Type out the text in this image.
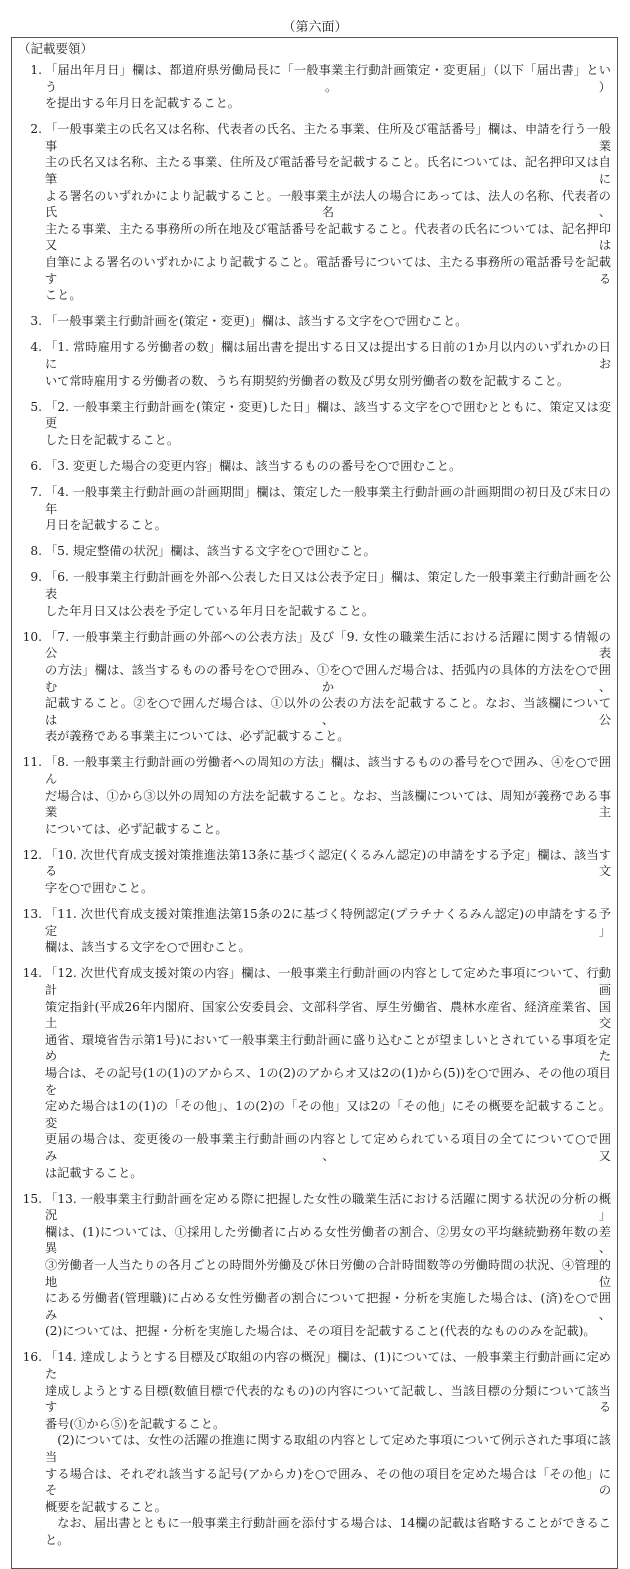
（第六面）
（記載要領）
1. 「届出年月日」欄は、都道府県労働局長に「一般事業主行動計画策定・変更届」（以下「届出書」という。）
を提出する年月日を記載すること。
2. 「一般事業主の氏名又は名称、代表者の氏名、主たる事業、住所及び電話番号」欄は、申請を行う一般事業
主の氏名又は名称、主たる事業、住所及び電話番号を記載すること。氏名については、記名押印又は自筆に
よる署名のいずれかにより記載すること。一般事業主が法人の場合にあっては、法人の名称、代表者の氏名、
主たる事業、主たる事務所の所在地及び電話番号を記載すること。代表者の氏名については、記名押印又は
自筆による署名のいずれかにより記載すること。電話番号については、主たる事務所の電話番号を記載する
こと。
3. 「一般事業主行動計画を(策定・変更)」欄は、該当する文字を○で囲むこと。
4. 「1. 常時雇用する労働者の数」欄は届出書を提出する日又は提出する日前の1か月以内のいずれかの日にお
いて常時雇用する労働者の数、うち有期契約労働者の数及び男女別労働者の数を記載すること。
5. 「2. 一般事業主行動計画を(策定・変更)した日」欄は、該当する文字を○で囲むとともに、策定又は変更
した日を記載すること。
6. 「3. 変更した場合の変更内容」欄は、該当するものの番号を○で囲むこと。
7. 「4. 一般事業主行動計画の計画期間」欄は、策定した一般事業主行動計画の計画期間の初日及び末日の年
月日を記載すること。
8. 「5. 規定整備の状況」欄は、該当する文字を○で囲むこと。
9. 「6. 一般事業主行動計画を外部へ公表した日又は公表予定日」欄は、策定した一般事業主行動計画を公表
した年月日又は公表を予定している年月日を記載すること。
10. 「7. 一般事業主行動計画の外部への公表方法」及び「9. 女性の職業生活における活躍に関する情報の公表
の方法」欄は、該当するものの番号を○で囲み、①を○で囲んだ場合は、括弧内の具体的方法を○で囲むか、
記載すること。②を○で囲んだ場合は、①以外の公表の方法を記載すること。なお、当該欄については、公
表が義務である事業主については、必ず記載すること。
11. 「8. 一般事業主行動計画の労働者への周知の方法」欄は、該当するものの番号を○で囲み、④を○で囲ん
だ場合は、①から③以外の周知の方法を記載すること。なお、当該欄については、周知が義務である事業主
については、必ず記載すること。
12. 「10. 次世代育成支援対策推進法第13条に基づく認定(くるみん認定)の申請をする予定」欄は、該当する文
字を○で囲むこと。
13. 「11. 次世代育成支援対策推進法第15条の2に基づく特例認定(プラチナくるみん認定)の申請をする予定」
欄は、該当する文字を○で囲むこと。
14. 「12. 次世代育成支援対策の内容」欄は、一般事業主行動計画の内容として定めた事項について、行動計画
策定指針(平成26年内閣府、国家公安委員会、文部科学省、厚生労働省、農林水産省、経済産業省、国土交
通省、環境省告示第1号)において一般事業主行動計画に盛り込むことが望ましいとされている事項を定めた
場合は、その記号(1の(1)のアからス、1の(2)のアからオ又は2の(1)から(5))を○で囲み、その他の項目を
定めた場合は1の(1)の「その他」、1の(2)の「その他」又は2の「その他」にその概要を記載すること。変
更届の場合は、変更後の一般事業主行動計画の内容として定められている項目の全てについて○で囲み、又
は記載すること。
15. 「13. 一般事業主行動計画を定める際に把握した女性の職業生活における活躍に関する状況の分析の概況」
欄は、(1)については、①採用した労働者に占める女性労働者の割合、②男女の平均継続勤務年数の差異、
③労働者一人当たりの各月ごとの時間外労働及び休日労働の合計時間数等の労働時間の状況、④管理的地位
にある労働者(管理職)に占める女性労働者の割合について把握・分析を実施した場合は、(済)を○で囲み、
(2)については、把握・分析を実施した場合は、その項目を記載すること(代表的なもののみを記載)。
16. 「14. 達成しようとする目標及び取組の内容の概況」欄は、(1)については、一般事業主行動計画に定めた
達成しようとする目標(数値目標で代表的なもの)の内容について記載し、当該目標の分類について該当する
番号(①から⑤)を記載すること。
　(2)については、女性の活躍の推進に関する取組の内容として定めた事項について例示された事項に該当
する場合は、それぞれ該当する記号(アからカ)を○で囲み、その他の項目を定めた場合は「その他」にその
概要を記載すること。
　なお、届出書とともに一般事業主行動計画を添付する場合は、14欄の記載は省略することができること。
